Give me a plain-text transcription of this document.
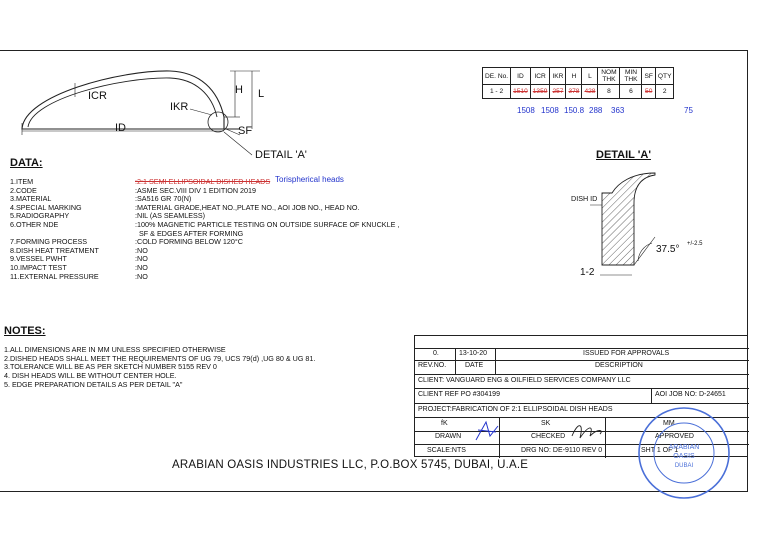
ICR
IKR
ID
H L
SF
DETAIL 'A'
DE. No.	ID	ICR	IKR	H	L	NOM THK	MIN THK	SF	QTY
1 - 2	1510	1359	257	378	428	8	6	50	2
1508 1508 150.8 288 363	75
DATA:
1.ITEM	:2:1 SEMI ELLIPSOIDAL DISHED HEADS Torispherical heads
2.CODE	:ASME SEC.VIII DIV 1 EDITION 2019
3.MATERIAL	:SA516 GR 70(N)
4.SPECIAL MARKING	:MATERIAL GRADE,HEAT NO.,PLATE NO., AOI JOB NO., HEAD NO.
5.RADIOGRAPHY	:NIL (AS SEAMLESS)
6.OTHER NDE	:100% MAGNETIC PARTICLE TESTING ON OUTSIDE SURFACE OF KNUCKLE ,
SF & EDGES AFTER FORMING
7.FORMING PROCESS	:COLD FORMING BELOW 120°C
8.DISH HEAT TREATMENT	:NO
9.VESSEL PWHT	:NO
10.IMPACT TEST	:NO
11.EXTERNAL PRESSURE	:NO
DETAIL 'A'
DISH ID
37.5° +/-2.5
1-2
NOTES:
1.ALL DIMENSIONS ARE IN MM UNLESS SPECIFIED OTHERWISE
2.DISHED HEADS SHALL MEET THE REQUIREMENTS OF UG 79, UCS 79(d) ,UG 80 & UG 81.
3.TOLERANCE WILL BE AS PER SKETCH NUMBER 5155 REV 0
4. DISH HEADS WILL BE WITHOUT CENTER HOLE.
5. EDGE PREPARATION DETAILS AS PER DETAIL "A"
0.	13-10-20	ISSUED FOR APPROVALS
REV.NO.	DATE	DESCRIPTION
CLIENT: VANGUARD ENG & OILFIELD SERVICES COMPANY LLC
CLIENT REF PO #304199	AOI JOB NO: D-24651
PROJECT:FABRICATION OF 2:1 ELLIPSOIDAL DISH HEADS
fK	SK	MM
DRAWN	CHECKED	APPROVED
SCALE:NTS	DRG NO: DE-9110 REV 0	SHT 1 OF 1
ARABIAN
OASIS
DUBAI
ARABIAN OASIS INDUSTRIES LLC, P.O.BOX 5745, DUBAI, U.A.E
